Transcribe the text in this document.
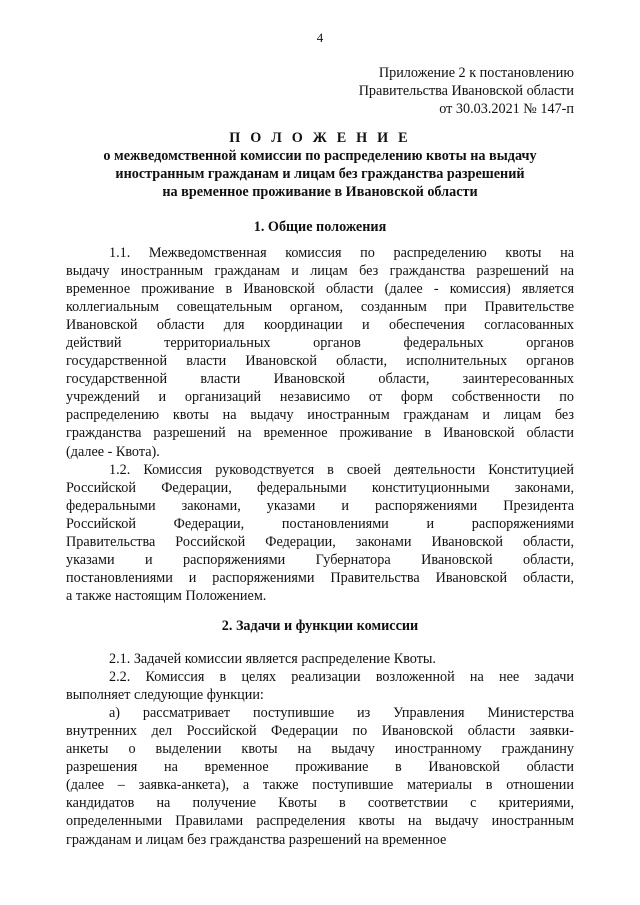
4
Приложение 2 к постановлению
Правительства Ивановской области
от 30.03.2021 № 147-п
П О Л О Ж Е Н И Е
о межведомственной комиссии по распределению квоты на выдачу
иностранным гражданам и лицам без гражданства разрешений
на временное проживание в Ивановской области
1. Общие положения
1.1. Межведомственная комиссия по распределению квоты на
выдачу иностранным гражданам и лицам без гражданства разрешений на
временное проживание в Ивановской области (далее - комиссия) является
коллегиальным совещательным органом, созданным при Правительстве
Ивановской области для координации и обеспечения согласованных
действий территориальных органов федеральных органов
государственной власти Ивановской области, исполнительных органов
государственной власти Ивановской области, заинтересованных
учреждений и организаций независимо от форм собственности по
распределению квоты на выдачу иностранным гражданам и лицам без
гражданства разрешений на временное проживание в Ивановской области
(далее - Квота).
1.2. Комиссия руководствуется в своей деятельности Конституцией
Российской Федерации, федеральными конституционными законами,
федеральными законами, указами и распоряжениями Президента
Российской Федерации, постановлениями и распоряжениями
Правительства Российской Федерации, законами Ивановской области,
указами и распоряжениями Губернатора Ивановской области,
постановлениями и распоряжениями Правительства Ивановской области,
а также настоящим Положением.
2. Задачи и функции комиссии
2.1. Задачей комиссии является распределение Квоты.
2.2. Комиссия в целях реализации возложенной на нее задачи
выполняет следующие функции:
а) рассматривает поступившие из Управления Министерства
внутренних дел Российской Федерации по Ивановской области заявки-
анкеты о выделении квоты на выдачу иностранному гражданину
разрешения на временное проживание в Ивановской области
(далее – заявка-анкета), а также поступившие материалы в отношении
кандидатов на получение Квоты в соответствии с критериями,
определенными Правилами распределения квоты на выдачу иностранным
гражданам и лицам без гражданства разрешений на временное
